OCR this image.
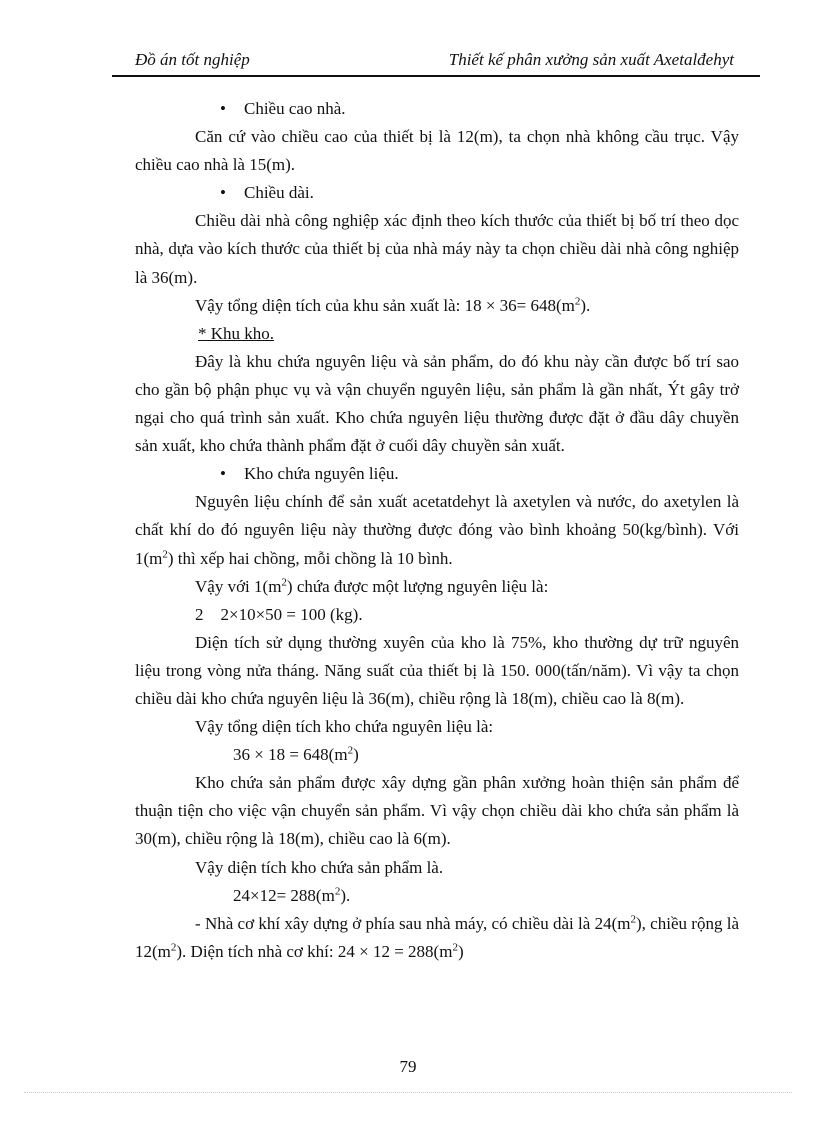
Đồ án tốt nghiệp	Thiết kế phân xưởng sản xuất Axetalđehyt

• Chiều cao nhà.

Căn cứ vào chiều cao của thiết bị là 12(m), ta chọn nhà không cầu trục. Vậy chiều cao nhà là 15(m).

• Chiều dài.

Chiều dài nhà công nghiệp xác định theo kích thước của thiết bị bố trí theo dọc nhà, dựa vào kích thước của thiết bị của nhà máy này ta chọn chiều dài nhà công nghiệp là 36(m).

Vậy tổng diện tích của khu sản xuất là: $18 \times 36= 648(m^2)$.

* Khu kho.

Đây là khu chứa nguyên liệu và sản phẩm, do đó khu này cần được bố trí sao cho gần bộ phận phục vụ và vận chuyển nguyên liệu, sản phẩm là gần nhất, Ýt gây trở ngại cho quá trình sản xuất. Kho chứa nguyên liệu thường được đặt ở đầu dây chuyền sản xuất, kho chứa thành phẩm đặt ở cuối dây chuyền sản xuất.

• Kho chứa nguyên liệu.

Nguyên liệu chính để sản xuất acetatdehyt là axetylen và nước, do axetylen là chất khí do đó nguyên liệu này thường được đóng vào bình khoảng 50(kg/bình). Với $1(m^2)$ thì xếp hai chồng, mỗi chồng là 10 bình.

Vậy với $1(m^2)$ chứa được một lượng nguyên liệu là:

2    2×10×50 = 100 (kg).

Diện tích sử dụng thường xuyên của kho là 75%, kho thường dự trữ nguyên liệu trong vòng nửa tháng. Năng suất của thiết bị là 150. 000(tấn/năm). Vì vậy ta chọn chiều dài kho chứa nguyên liệu là 36(m), chiều rộng là 18(m), chiều cao là 8(m).

Vậy tổng diện tích kho chứa nguyên liệu là:

$36 \times 18 = 648(m^2)$

Kho chứa sản phẩm được xây dựng gần phân xưởng hoàn thiện sản phẩm để thuận tiện cho việc vận chuyển sản phẩm. Vì vậy chọn chiều dài kho chứa sản phẩm là 30(m), chiều rộng là 18(m), chiều cao là 6(m).

Vậy diện tích kho chứa sản phẩm là.

$24\times 12= 288(m^2)$.

- Nhà cơ khí xây dựng ở phía sau nhà máy, có chiều dài là $24(m^2)$, chiều rộng là $12(m^2)$. Diện tích nhà cơ khí: $24 \times 12 = 288(m^2)$

79
